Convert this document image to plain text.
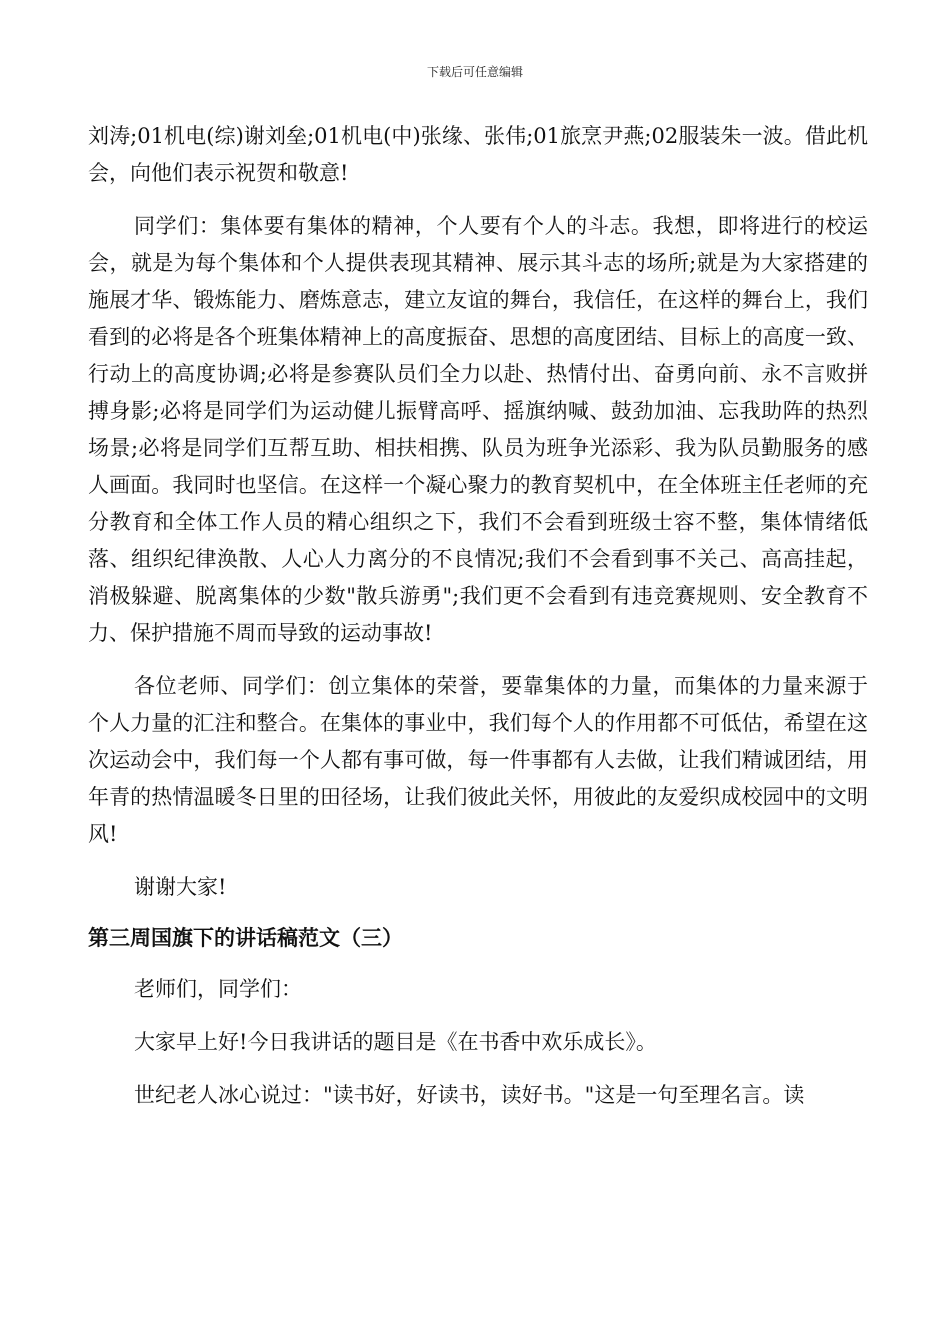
下载后可任意编辑

刘涛;01机电(综)谢刘垒;01机电(中)张缘、张伟;01旅烹尹燕;02服装朱一波。借此机会，向他们表示祝贺和敬意!

同学们：集体要有集体的精神，个人要有个人的斗志。我想，即将进行的校运会，就是为每个集体和个人提供表现其精神、展示其斗志的场所;就是为大家搭建的施展才华、锻炼能力、磨炼意志，建立友谊的舞台，我信任，在这样的舞台上，我们看到的必将是各个班集体精神上的高度振奋、思想的高度团结、目标上的高度一致、行动上的高度协调;必将是参赛队员们全力以赴、热情付出、奋勇向前、永不言败拼搏身影;必将是同学们为运动健儿振臂高呼、摇旗纳喊、鼓劲加油、忘我助阵的热烈场景;必将是同学们互帮互助、相扶相携、队员为班争光添彩、我为队员勤服务的感人画面。我同时也坚信。在这样一个凝心聚力的教育契机中，在全体班主任老师的充分教育和全体工作人员的精心组织之下，我们不会看到班级士容不整，集体情绪低落、组织纪律涣散、人心人力离分的不良情况;我们不会看到事不关己、高高挂起，消极躲避、脱离集体的少数"散兵游勇";我们更不会看到有违竞赛规则、安全教育不力、保护措施不周而导致的运动事故!

各位老师、同学们：创立集体的荣誉，要靠集体的力量，而集体的力量来源于个人力量的汇注和整合。在集体的事业中，我们每个人的作用都不可低估，希望在这次运动会中，我们每一个人都有事可做，每一件事都有人去做，让我们精诚团结，用年青的热情温暖冬日里的田径场，让我们彼此关怀，用彼此的友爱织成校园中的文明风!

谢谢大家!

第三周国旗下的讲话稿范文（三）

老师们，同学们：

大家早上好!今日我讲话的题目是《在书香中欢乐成长》。

世纪老人冰心说过："读书好，好读书，读好书。"这是一句至理名言。读
